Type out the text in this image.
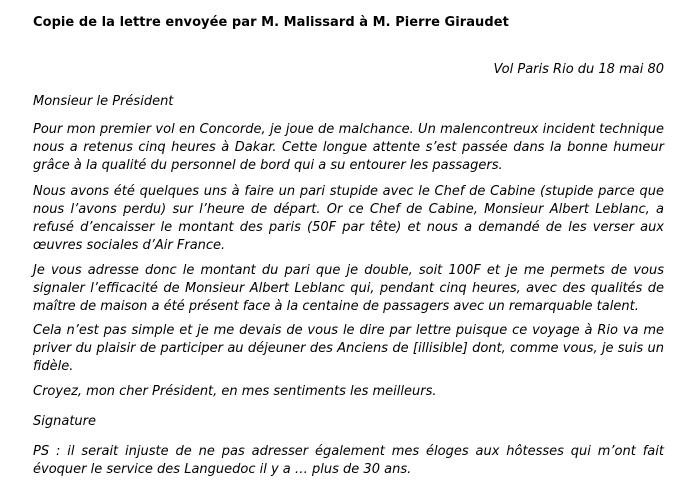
Copie de la lettre envoyée par M. Malissard à M. Pierre Giraudet
Vol Paris Rio du 18 mai 80

Monsieur le Président

Pour mon premier vol en Concorde, je joue de malchance. Un malencontreux incident technique nous a retenus cinq heures à Dakar. Cette longue attente s’est passée dans la bonne humeur grâce à la qualité du personnel de bord qui a su entourer les passagers.

Nous avons été quelques uns à faire un pari stupide avec le Chef de Cabine (stupide parce que nous l’avons perdu) sur l’heure de départ. Or ce Chef de Cabine, Monsieur Albert Leblanc, a refusé d’encaisser le montant des paris (50F par tête) et nous a demandé de les verser aux œuvres sociales d’Air France.

Je vous adresse donc le montant du pari que je double, soit 100F et je me permets de vous signaler l’efficacité de Monsieur Albert Leblanc qui, pendant cinq heures, avec des qualités de maître de maison a été présent face à la centaine de passagers avec un remarquable talent.

Cela n’est pas simple et je me devais de vous le dire par lettre puisque ce voyage à Rio va me priver du plaisir de participer au déjeuner des Anciens de [illisible] dont, comme vous, je suis un fidèle.

Croyez, mon cher Président, en mes sentiments les meilleurs.

Signature

PS : il serait injuste de ne pas adresser également mes éloges aux hôtesses qui m’ont fait évoquer le service des Languedoc il y a … plus de 30 ans.
